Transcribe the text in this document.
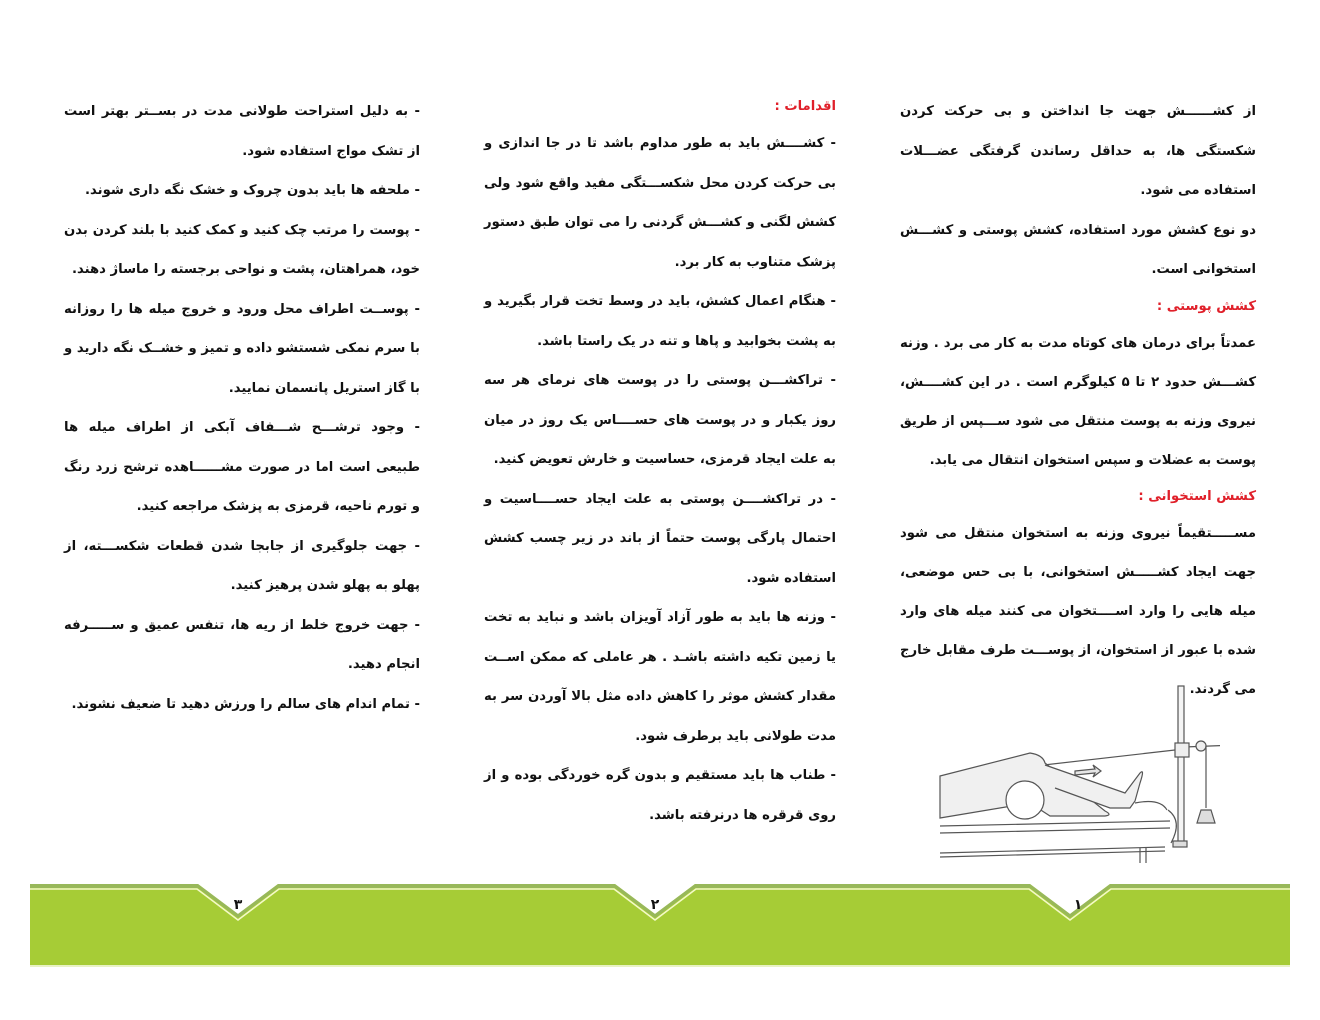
از کشــــــش جهت جا انداختن و بی حرکت کردن شکستگی ها، به حداقل رساندن گرفتگی عضـــلات استفاده می شود.

دو نوع کشش مورد استفاده، کشش پوستی و کشـــش استخوانی است.

کشش پوستی :

عمدتاً برای درمان های کوتاه مدت به کار می برد . وزنه کشـــش حدود ۲ تا ۵ کیلوگرم است . در این کشــــش، نیروی وزنه به پوست منتقل می شود ســـپس از طریق پوست به عضلات و سپس استخوان انتقال می یابد.

کشش استخوانی :

مســـــتقیماً نیروی وزنه به استخوان منتقل می شود جهت ایجاد کشـــــش استخوانی، با بی حس موضعی، میله هایی را وارد اســــتخوان می کنند میله های وارد شده با عبور از استخوان، از پوســـت طرف مقابل خارج می گردند.

اقدامات :

- کشــــش باید به طور مداوم باشد تا در جا اندازی و بی حرکت کردن محل شکســـتگی مفید واقع شود ولی کشش لگنی و کشـــش گردنی را می توان طبق دستور پزشک متناوب به کار برد.

- هنگام اعمال کشش، باید در وسط تخت قرار بگیرید و به پشت بخوابید و پاها و تنه در یک راستا باشد.

- تراکشـــن پوستی را در پوست های نرمای هر سه روز یکبار و در پوست های حســــاس یک روز در میان به علت ایجاد قرمزی، حساسیت و خارش تعویض کنید.

- در تراکشــــن پوستی به علت ایجاد حســــاسیت و احتمال پارگی پوست حتماً از باند در زیر چسب کشش استفاده شود.

- وزنه ها باید به طور آزاد آویزان باشد و نباید به تخت یا زمین تکیه داشته باشـد . هر عاملی که ممکن اســت مقدار کشش موثر را کاهش داده مثل بالا آوردن سر به مدت طولانی باید برطرف شود.

- طناب ها باید مستقیم و بدون گره خوردگی بوده و از روی قرقره ها درنرفته باشد.

- به دلیل استراحت طولانی مدت در بســتر بهتر است از تشک مواج استفاده شود.

- ملحفه ها باید بدون چروک و خشک نگه داری شوند.

- پوست را مرتب چک کنید و کمک کنید با بلند کردن بدن خود، همراهتان، پشت و نواحی برجسته را ماساژ دهند.

- پوســت اطراف محل ورود و خروج میله ها را روزانه با سرم نمکی شستشو داده و تمیز و خشــک نگه دارید و با گاز استریل پانسمان نمایید.

- وجود ترشـــح شـــفاف آبکی از اطراف میله ها طبیعی است اما در صورت مشــــــاهده ترشح زرد رنگ و تورم ناحیه، قرمزی به پزشک مراجعه کنید.

- جهت جلوگیری از جابجا شدن قطعات شکســـته، از پهلو به پهلو شدن پرهیز کنید.

- جهت خروج خلط از ریه ها، تنفس عمیق و ســـــرفه انجام دهید.

- تمام اندام های سالم را ورزش دهید تا ضعیف نشوند.

۳	۲	۱
